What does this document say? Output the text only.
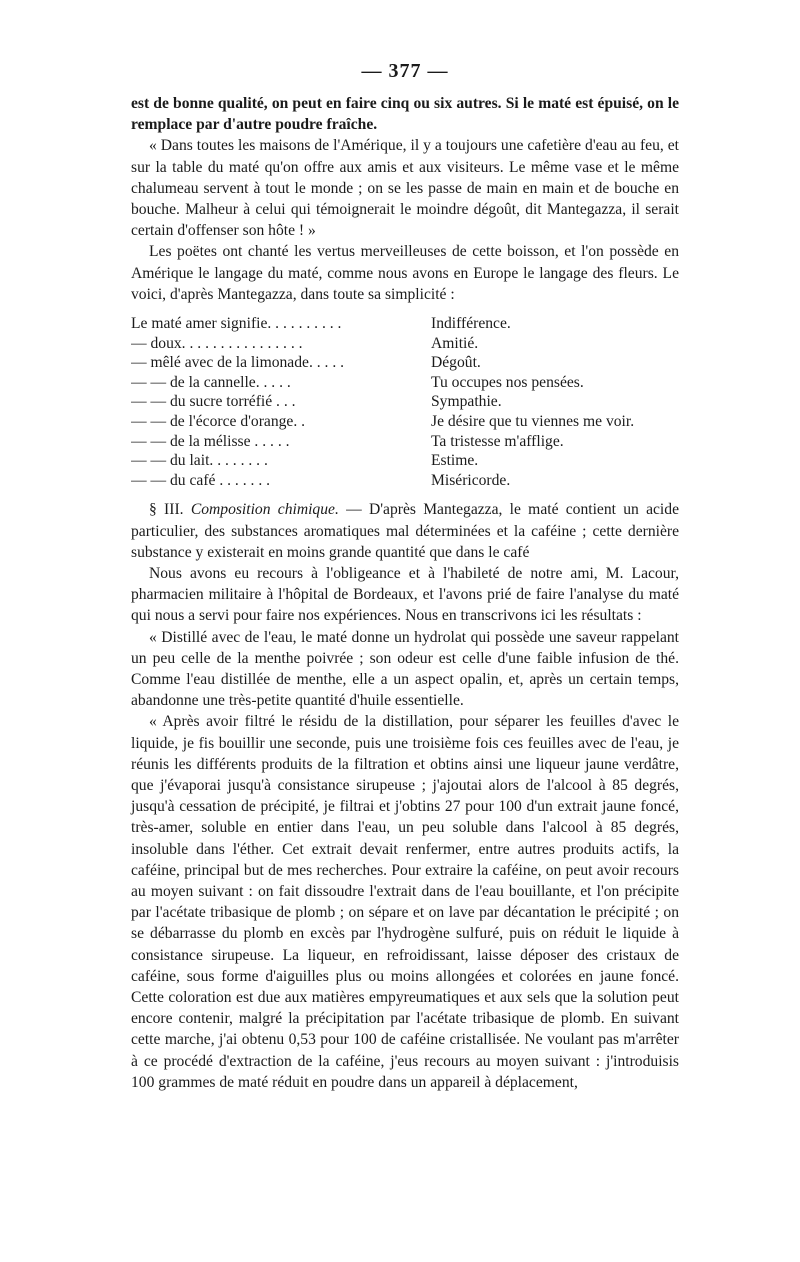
— 377 —

est de bonne qualité, on peut en faire cinq ou six autres. Si le maté est épuisé, on le remplace par d'autre poudre fraîche.

« Dans toutes les maisons de l'Amérique, il y a toujours une cafetière d'eau au feu, et sur la table du maté qu'on offre aux amis et aux visiteurs. Le même vase et le même chalumeau servent à tout le monde ; on se les passe de main en main et de bouche en bouche. Malheur à celui qui témoignerait le moindre dégoût, dit Mantegazza, il serait certain d'offenser son hôte ! »

Les poëtes ont chanté les vertus merveilleuses de cette boisson, et l'on possède en Amérique le langage du maté, comme nous avons en Europe le langage des fleurs. Le voici, d'après Mantegazza, dans toute sa simplicité :

Le maté amer signifie. . . . . . . . . .	Indifférence.
— doux. . . . . . . . . . . . . . . .	Amitié.
— mêlé avec de la limonade. . . . .	Dégoût.
— — de la cannelle. . . . .	Tu occupes nos pensées.
— — du sucre torréfié . . .	Sympathie.
— — de l'écorce d'orange. .	Je désire que tu viennes me voir.
— — de la mélisse . . . . .	Ta tristesse m'afflige.
— — du lait. . . . . . . .	Estime.
— — du café . . . . . . .	Miséricorde.

§ III. Composition chimique. — D'après Mantegazza, le maté contient un acide particulier, des substances aromatiques mal déterminées et la caféine ; cette dernière substance y existerait en moins grande quantité que dans le café

Nous avons eu recours à l'obligeance et à l'habileté de notre ami, M. Lacour, pharmacien militaire à l'hôpital de Bordeaux, et l'avons prié de faire l'analyse du maté qui nous a servi pour faire nos expériences. Nous en transcrivons ici les résultats :

« Distillé avec de l'eau, le maté donne un hydrolat qui possède une saveur rappelant un peu celle de la menthe poivrée ; son odeur est celle d'une faible infusion de thé. Comme l'eau distillée de menthe, elle a un aspect opalin, et, après un certain temps, abandonne une très-petite quantité d'huile essentielle.

« Après avoir filtré le résidu de la distillation, pour séparer les feuilles d'avec le liquide, je fis bouillir une seconde, puis une troisième fois ces feuilles avec de l'eau, je réunis les différents produits de la filtration et obtins ainsi une liqueur jaune verdâtre, que j'évaporai jusqu'à consistance sirupeuse ; j'ajoutai alors de l'alcool à 85 degrés, jusqu'à cessation de précipité, je filtrai et j'obtins 27 pour 100 d'un extrait jaune foncé, très-amer, soluble en entier dans l'eau, un peu soluble dans l'alcool à 85 degrés, insoluble dans l'éther. Cet extrait devait renfermer, entre autres produits actifs, la caféine, principal but de mes recherches. Pour extraire la caféine, on peut avoir recours au moyen suivant : on fait dissoudre l'extrait dans de l'eau bouillante, et l'on précipite par l'acétate tribasique de plomb ; on sépare et on lave par décantation le précipité ; on se débarrasse du plomb en excès par l'hydrogène sulfuré, puis on réduit le liquide à consistance sirupeuse. La liqueur, en refroidissant, laisse déposer des cristaux de caféine, sous forme d'aiguilles plus ou moins allongées et colorées en jaune foncé. Cette coloration est due aux matières empyreumatiques et aux sels que la solution peut encore contenir, malgré la précipitation par l'acétate tribasique de plomb. En suivant cette marche, j'ai obtenu 0,53 pour 100 de caféine cristallisée. Ne voulant pas m'arrêter à ce procédé d'extraction de la caféine, j'eus recours au moyen suivant : j'introduisis 100 grammes de maté réduit en poudre dans un appareil à déplacement,
